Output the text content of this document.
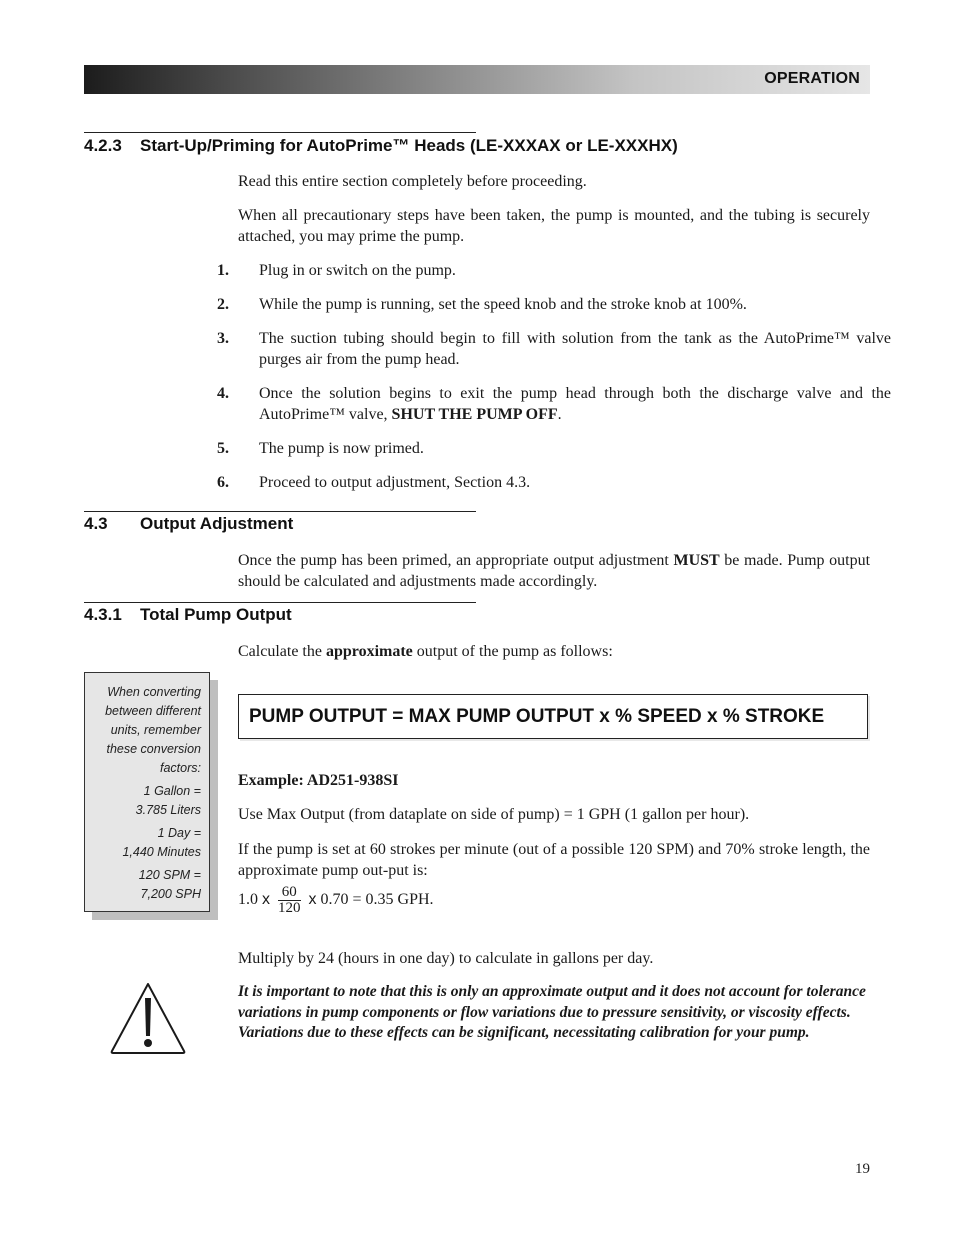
OPERATION
4.2.3 Start-Up/Priming for AutoPrime™ Heads (LE-XXXAX or LE-XXXHX)
Read this entire section completely before proceeding.
When all precautionary steps have been taken, the pump is mounted, and the tubing is securely attached, you may prime the pump.
1. Plug in or switch on the pump.
2. While the pump is running, set the speed knob and the stroke knob at 100%.
3. The suction tubing should begin to fill with solution from the tank as the AutoPrime™ valve purges air from the pump head.
4. Once the solution begins to exit the pump head through both the discharge valve and the AutoPrime™ valve, SHUT THE PUMP OFF.
5. The pump is now primed.
6. Proceed to output adjustment, Section 4.3.
4.3 Output Adjustment
Once the pump has been primed, an appropriate output adjustment MUST be made. Pump output should be calculated and adjustments made accordingly.
4.3.1 Total Pump Output
Calculate the approximate output of the pump as follows:

When converting between different units, remember these conversion factors:

1 Gallon =
3.785 Liters

1 Day =
1,440 Minutes

120 SPM =
7,200 SPH

PUMP OUTPUT = MAX PUMP OUTPUT x % SPEED x % STROKE
Example: AD251-938SI
Use Max Output (from dataplate on side of pump) = 1 GPH (1 gallon per hour).
If the pump is set at 60 strokes per minute (out of a possible 120 SPM) and 70% stroke length, the approximate pump out-put is:
1.0 x $\frac{60}{120}$ x 0.70 = 0.35 GPH.
Multiply by 24 (hours in one day) to calculate in gallons per day.
It is important to note that this is only an approximate output and it does not account for tolerance variations in pump components or flow variations due to pressure sensitivity, or viscosity effects. Variations due to these effects can be significant, necessitating calibration for your pump.
19
